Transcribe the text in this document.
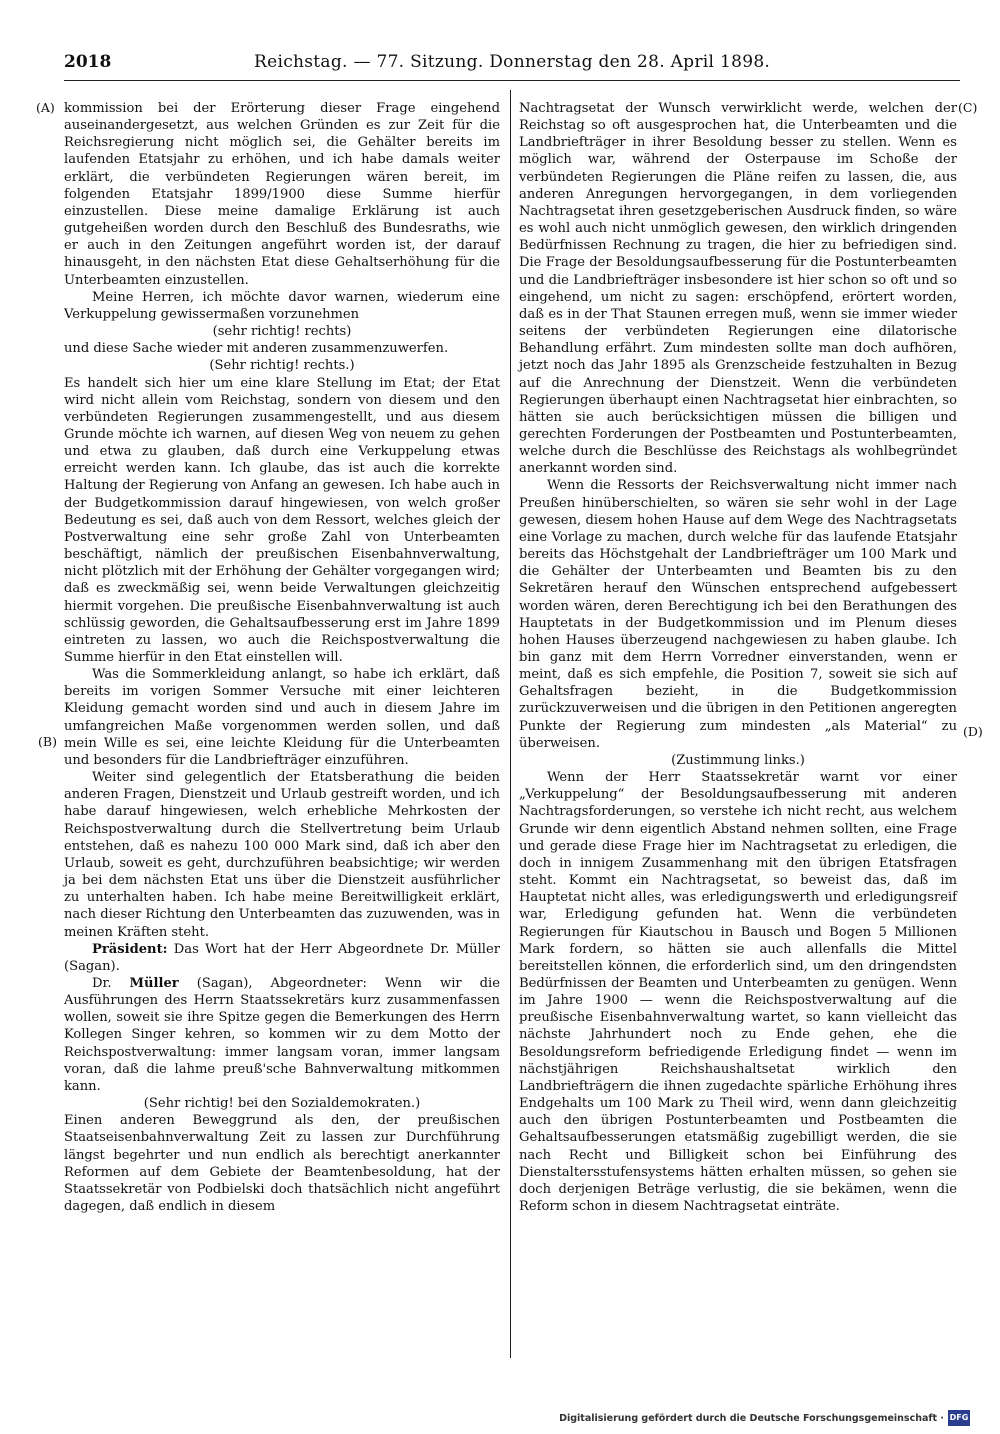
2018	Reichstag. — 77. Sitzung. Donnerstag den 28. April 1898.
(A)
(B)
(C)
(D)

kommission bei der Erörterung dieser Frage eingehend auseinandergesetzt, aus welchen Gründen es zur Zeit für die Reichsregierung nicht möglich sei, die Gehälter bereits im laufenden Etatsjahr zu erhöhen, und ich habe damals weiter erklärt, die verbündeten Regierungen wären bereit, im folgenden Etatsjahr 1899/1900 diese Summe hierfür einzustellen. Diese meine damalige Erklärung ist auch gutgeheißen worden durch den Beschluß des Bundesraths, wie er auch in den Zeitungen angeführt worden ist, der darauf hinausgeht, in den nächsten Etat diese Gehaltserhöhung für die Unterbeamten einzustellen.

Meine Herren, ich möchte davor warnen, wiederum eine Verkuppelung gewissermaßen vorzunehmen

(sehr richtig! rechts)

und diese Sache wieder mit anderen zusammenzuwerfen.

(Sehr richtig! rechts.)

Es handelt sich hier um eine klare Stellung im Etat; der Etat wird nicht allein vom Reichstag, sondern von diesem und den verbündeten Regierungen zusammengestellt, und aus diesem Grunde möchte ich warnen, auf diesen Weg von neuem zu gehen und etwa zu glauben, daß durch eine Verkuppelung etwas erreicht werden kann. Ich glaube, das ist auch die korrekte Haltung der Regierung von Anfang an gewesen. Ich habe auch in der Budgetkommission darauf hingewiesen, von welch großer Bedeutung es sei, daß auch von dem Ressort, welches gleich der Postverwaltung eine sehr große Zahl von Unterbeamten beschäftigt, nämlich der preußischen Eisenbahnverwaltung, nicht plötzlich mit der Erhöhung der Gehälter vorgegangen wird; daß es zweckmäßig sei, wenn beide Verwaltungen gleichzeitig hiermit vorgehen. Die preußische Eisenbahnverwaltung ist auch schlüssig geworden, die Gehaltsaufbesserung erst im Jahre 1899 eintreten zu lassen, wo auch die Reichspostverwaltung die Summe hierfür in den Etat einstellen will.

Was die Sommerkleidung anlangt, so habe ich erklärt, daß bereits im vorigen Sommer Versuche mit einer leichteren Kleidung gemacht worden sind und auch in diesem Jahre im umfangreichen Maße vorgenommen werden sollen, und daß mein Wille es sei, eine leichte Kleidung für die Unterbeamten und besonders für die Landbriefträger einzuführen.

Weiter sind gelegentlich der Etatsberathung die beiden anderen Fragen, Dienstzeit und Urlaub gestreift worden, und ich habe darauf hingewiesen, welch erhebliche Mehrkosten der Reichspostverwaltung durch die Stellvertretung beim Urlaub entstehen, daß es nahezu 100 000 Mark sind, daß ich aber den Urlaub, soweit es geht, durchzuführen beabsichtige; wir werden ja bei dem nächsten Etat uns über die Dienstzeit ausführlicher zu unterhalten haben. Ich habe meine Bereitwilligkeit erklärt, nach dieser Richtung den Unterbeamten das zuzuwenden, was in meinen Kräften steht.

Präsident: Das Wort hat der Herr Abgeordnete Dr. Müller (Sagan).

Dr. Müller (Sagan), Abgeordneter: Wenn wir die Ausführungen des Herrn Staatssekretärs kurz zusammenfassen wollen, soweit sie ihre Spitze gegen die Bemerkungen des Herrn Kollegen Singer kehren, so kommen wir zu dem Motto der Reichspostverwaltung: immer langsam voran, immer langsam voran, daß die lahme preuß'sche Bahnverwaltung mitkommen kann.

(Sehr richtig! bei den Sozialdemokraten.)

Einen anderen Beweggrund als den, der preußischen Staatseisenbahnverwaltung Zeit zu lassen zur Durchführung längst begehrter und nun endlich als berechtigt anerkannter Reformen auf dem Gebiete der Beamtenbesoldung, hat der Staatssekretär von Podbielski doch thatsächlich nicht angeführt dagegen, daß endlich in diesem

Nachtragsetat der Wunsch verwirklicht werde, welchen der Reichstag so oft ausgesprochen hat, die Unterbeamten und die Landbriefträger in ihrer Besoldung besser zu stellen. Wenn es möglich war, während der Osterpause im Schoße der verbündeten Regierungen die Pläne reifen zu lassen, die, aus anderen Anregungen hervorgegangen, in dem vorliegenden Nachtragsetat ihren gesetzgeberischen Ausdruck finden, so wäre es wohl auch nicht unmöglich gewesen, den wirklich dringenden Bedürfnissen Rechnung zu tragen, die hier zu befriedigen sind. Die Frage der Besoldungsaufbesserung für die Postunterbeamten und die Landbriefträger insbesondere ist hier schon so oft und so eingehend, um nicht zu sagen: erschöpfend, erörtert worden, daß es in der That Staunen erregen muß, wenn sie immer wieder seitens der verbündeten Regierungen eine dilatorische Behandlung erfährt. Zum mindesten sollte man doch aufhören, jetzt noch das Jahr 1895 als Grenzscheide festzuhalten in Bezug auf die Anrechnung der Dienstzeit. Wenn die verbündeten Regierungen überhaupt einen Nachtragsetat hier einbrachten, so hätten sie auch berücksichtigen müssen die billigen und gerechten Forderungen der Postbeamten und Postunterbeamten, welche durch die Beschlüsse des Reichstags als wohlbegründet anerkannt worden sind.

Wenn die Ressorts der Reichsverwaltung nicht immer nach Preußen hinüberschielten, so wären sie sehr wohl in der Lage gewesen, diesem hohen Hause auf dem Wege des Nachtragsetats eine Vorlage zu machen, durch welche für das laufende Etatsjahr bereits das Höchstgehalt der Landbriefträger um 100 Mark und die Gehälter der Unterbeamten und Beamten bis zu den Sekretären herauf den Wünschen entsprechend aufgebessert worden wären, deren Berechtigung ich bei den Berathungen des Hauptetats in der Budgetkommission und im Plenum dieses hohen Hauses überzeugend nachgewiesen zu haben glaube. Ich bin ganz mit dem Herrn Vorredner einverstanden, wenn er meint, daß es sich empfehle, die Position 7, soweit sie sich auf Gehaltsfragen bezieht, in die Budgetkommission zurückzuverweisen und die übrigen in den Petitionen angeregten Punkte der Regierung zum mindesten „als Material“ zu überweisen.

(Zustimmung links.)

Wenn der Herr Staatssekretär warnt vor einer „Verkuppelung“ der Besoldungsaufbesserung mit anderen Nachtragsforderungen, so verstehe ich nicht recht, aus welchem Grunde wir denn eigentlich Abstand nehmen sollten, eine Frage und gerade diese Frage hier im Nachtragsetat zu erledigen, die doch in innigem Zusammenhang mit den übrigen Etatsfragen steht. Kommt ein Nachtragsetat, so beweist das, daß im Hauptetat nicht alles, was erledigungswerth und erledigungsreif war, Erledigung gefunden hat. Wenn die verbündeten Regierungen für Kiautschou in Bausch und Bogen 5 Millionen Mark fordern, so hätten sie auch allenfalls die Mittel bereitstellen können, die erforderlich sind, um den dringendsten Bedürfnissen der Beamten und Unterbeamten zu genügen. Wenn im Jahre 1900 — wenn die Reichspostverwaltung auf die preußische Eisenbahnverwaltung wartet, so kann vielleicht das nächste Jahrhundert noch zu Ende gehen, ehe die Besoldungsreform befriedigende Erledigung findet — wenn im nächstjährigen Reichshaushaltsetat wirklich den Landbriefträgern die ihnen zugedachte spärliche Erhöhung ihres Endgehalts um 100 Mark zu Theil wird, wenn dann gleichzeitig auch den übrigen Postunterbeamten und Postbeamten die Gehaltsaufbesserungen etatsmäßig zugebilligt werden, die sie nach Recht und Billigkeit schon bei Einführung des Dienstaltersstufensystems hätten erhalten müssen, so gehen sie doch derjenigen Beträge verlustig, die sie bekämen, wenn die Reform schon in diesem Nachtragsetat einträte.

Digitalisierung gefördert durch die Deutsche Forschungsgemeinschaft · DFG
